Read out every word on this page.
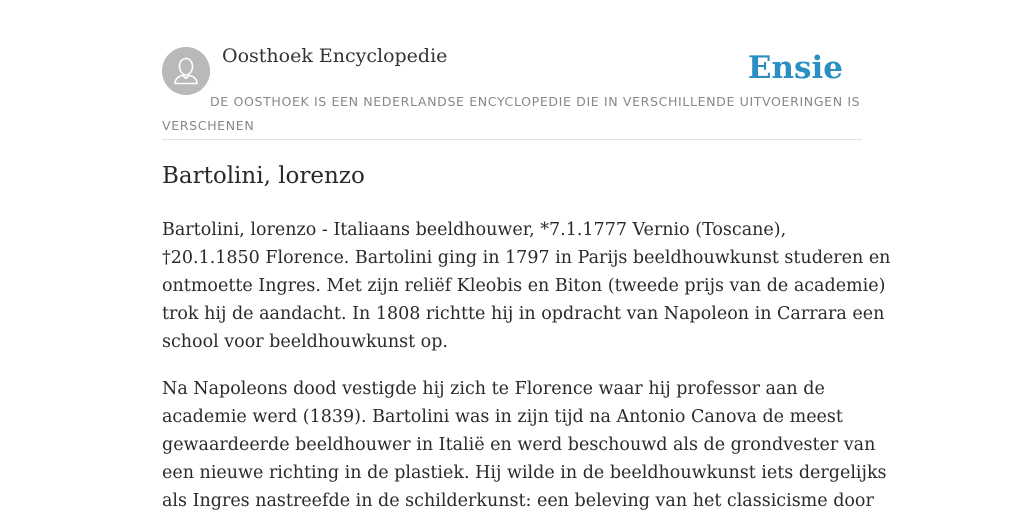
Oosthoek Encyclopedie	Ensie
DE OOSTHOEK IS EEN NEDERLANDSE ENCYCLOPEDIE DIE IN VERSCHILLENDE UITVOERINGEN IS VERSCHENEN
Bartolini, lorenzo

Bartolini, lorenzo - Italiaans beeldhouwer, *7.1.1777 Vernio (Toscane),
†20.1.1850 Florence. Bartolini ging in 1797 in Parijs beeldhouwkunst studeren en
ontmoette Ingres. Met zijn reliëf Kleobis en Biton (tweede prijs van de academie)
trok hij de aandacht. In 1808 richtte hij in opdracht van Napoleon in Carrara een
school voor beeldhouwkunst op.

Na Napoleons dood vestigde hij zich te Florence waar hij professor aan de
academie werd (1839). Bartolini was in zijn tijd na Antonio Canova de meest
gewaardeerde beeldhouwer in Italië en werd beschouwd als de grondvester van
een nieuwe richting in de plastiek. Hij wilde in de beeldhouwkunst iets dergelijks
als Ingres nastreefde in de schilderkunst: een beleving van het classicisme door
